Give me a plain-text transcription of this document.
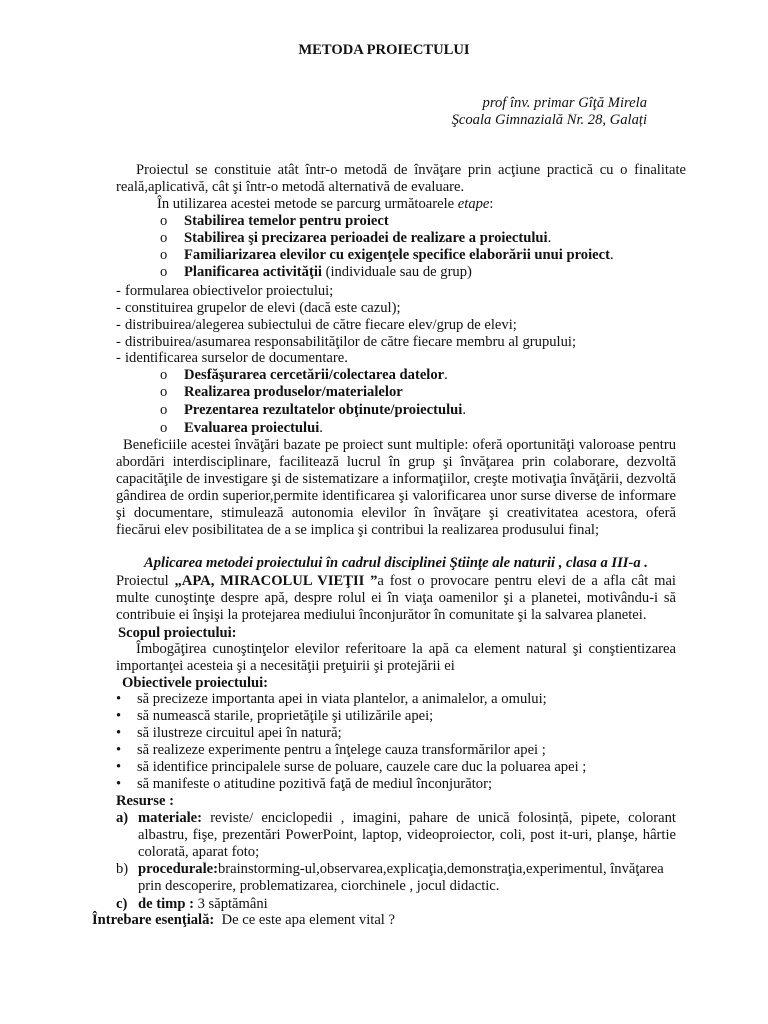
METODA PROIECTULUI
prof înv. primar Gîţă Mirela
Şcoala Gimnazială Nr. 28, Galați
Proiectul se constituie atât într-o metodă de învăţare prin acţiune practică cu o finalitate reală,aplicativă, cât şi într-o metodă alternativă de evaluare.
În utilizarea acestei metode se parcurg următoarele etape:
o Stabilirea temelor pentru proiect
o Stabilirea şi precizarea perioadei de realizare a proiectului.
o Familiarizarea elevilor cu exigenţele specifice elaborării unui proiect.
o Planificarea activităţii (individuale sau de grup)
- formularea obiectivelor proiectului;
- constituirea grupelor de elevi (dacă este cazul);
- distribuirea/alegerea subiectului de către fiecare elev/grup de elevi;
- distribuirea/asumarea responsabilităţilor de către fiecare membru al grupului;
- identificarea surselor de documentare.
o Desfăşurarea cercetării/colectarea datelor.
o Realizarea produselor/materialelor
o Prezentarea rezultatelor obţinute/proiectului.
o Evaluarea proiectului.
Beneficiile acestei învăţări bazate pe proiect sunt multiple: oferă oportunităţi valoroase pentru abordări interdisciplinare, facilitează lucrul în grup şi învăţarea prin colaborare, dezvoltă capacităţile de investigare şi de sistematizare a informaţiilor, creşte motivaţia învăţării, dezvoltă gândirea de ordin superior,permite identificarea şi valorificarea unor surse diverse de informare şi documentare, stimulează autonomia elevilor în învăţare şi creativitatea acestora, oferă fiecărui elev posibilitatea de a se implica şi contribui la realizarea produsului final;
Aplicarea metodei proiectului în cadrul disciplinei Ştiinţe ale naturii , clasa a III-a .
Proiectul „APA, MIRACOLUL VIEŢII ”a fost o provocare pentru elevi de a afla cât mai multe cunoştinţe despre apă, despre rolul ei în viaţa oamenilor şi a planetei, motivându-i să contribuie ei înşişi la protejarea mediului înconjurător în comunitate şi la salvarea planetei.
Scopul proiectului:
Îmbogăţirea cunoştinţelor elevilor referitoare la apă ca element natural şi conştientizarea importanţei acesteia şi a necesităţii preţuirii şi protejării ei
Obiectivele proiectului:
• să precizeze importanta apei in viata plantelor, a animalelor, a omului;
• să numească starile, proprietăţile şi utilizările apei;
• să ilustreze circuitul apei în natură;
• să realizeze experimente pentru a înţelege cauza transformărilor apei ;
• să identifice principalele surse de poluare, cauzele care duc la poluarea apei ;
• să manifeste o atitudine pozitivă faţă de mediul înconjurător;
Resurse :
a) materiale: reviste/ enciclopedii , imagini, pahare de unică folosință, pipete, colorant albastru, fişe, prezentări PowerPoint, laptop, videoproiector, coli, post it-uri, planşe, hârtie colorată, aparat foto;
b) procedurale:brainstorming-ul,observarea,explicaţia,demonstraţia,experimentul, învăţarea prin descoperire, problematizarea, ciorchinele , jocul didactic.
c) de timp : 3 săptămâni
Întrebare esenţială:  De ce este apa element vital ?
